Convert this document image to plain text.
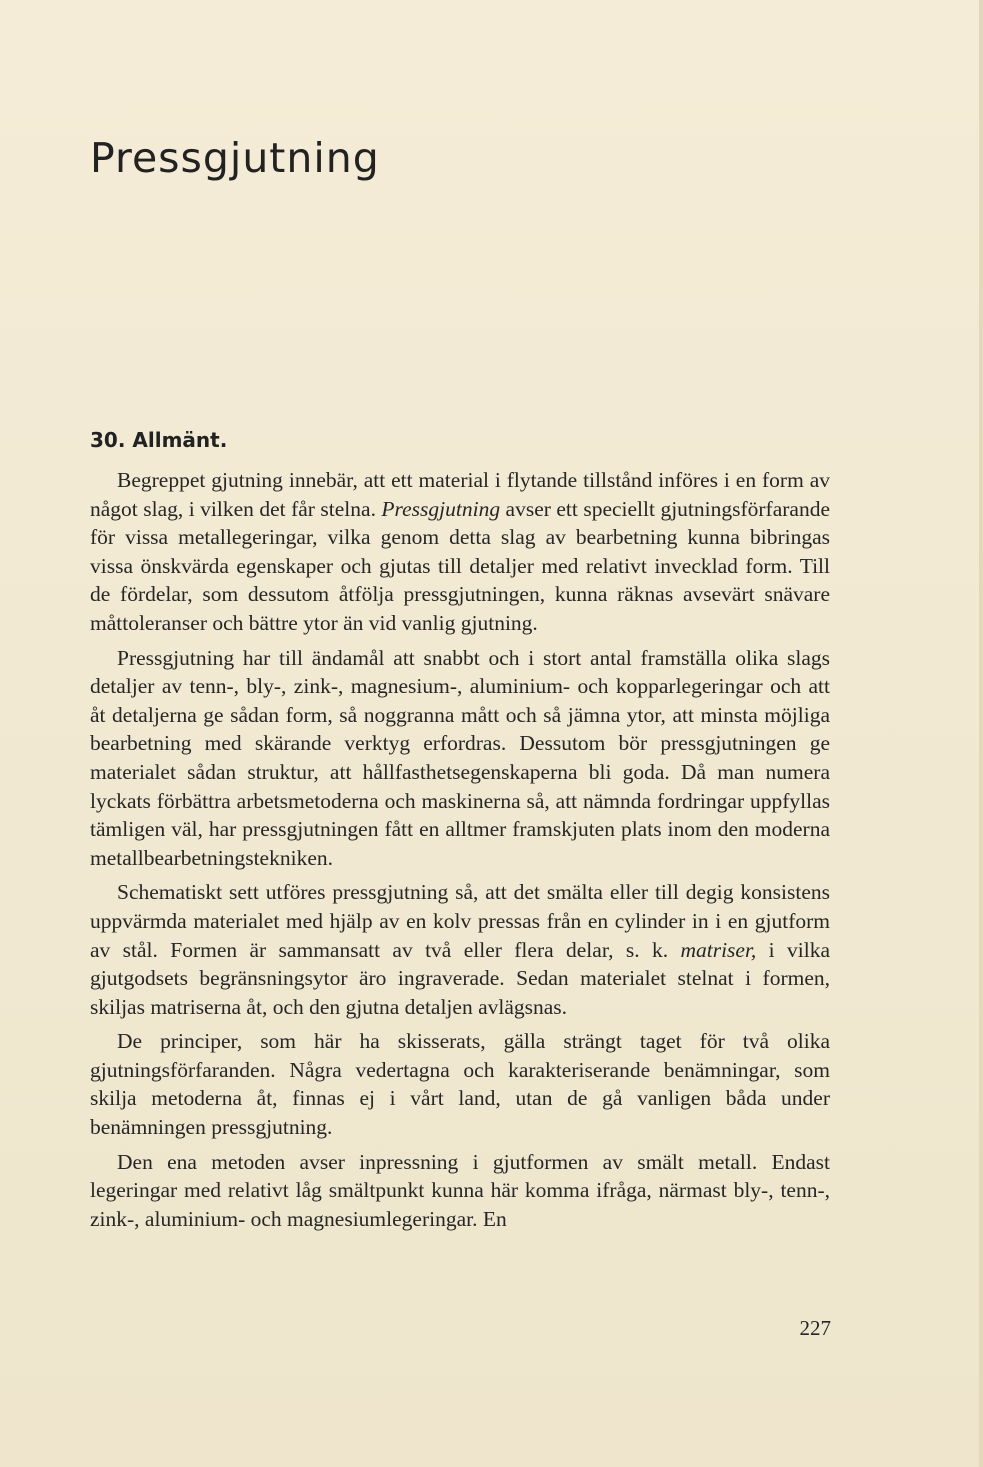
Pressgjutning
30. Allmänt.

Begreppet gjutning innebär, att ett material i flytande tillstånd införes i en form av något slag, i vilken det får stelna. Pressgjutning avser ett speciellt gjutningsförfarande för vissa metallegeringar, vilka genom detta slag av bearbetning kunna bibringas vissa önskvärda egenskaper och gjutas till detaljer med relativt invecklad form. Till de fördelar, som dessutom åtfölja pressgjutningen, kunna räknas avsevärt snävare måttoleranser och bättre ytor än vid vanlig gjutning.

Pressgjutning har till ändamål att snabbt och i stort antal framställa olika slags detaljer av tenn-, bly-, zink-, magnesium-, aluminium- och kopparlegeringar och att åt detaljerna ge sådan form, så noggranna mått och så jämna ytor, att minsta möjliga bearbetning med skärande verktyg erfordras. Dessutom bör pressgjutningen ge materialet sådan struktur, att hållfasthetsegenskaperna bli goda. Då man numera lyckats förbättra arbetsmetoderna och maskinerna så, att nämnda fordringar uppfyllas tämligen väl, har pressgjutningen fått en alltmer framskjuten plats inom den moderna metallbearbetningstekniken.

Schematiskt sett utföres pressgjutning så, att det smälta eller till degig konsistens uppvärmda materialet med hjälp av en kolv pressas från en cylinder in i en gjutform av stål. Formen är sammansatt av två eller flera delar, s. k. matriser, i vilka gjutgodsets begränsningsytor äro ingraverade. Sedan materialet stelnat i formen, skiljas matriserna åt, och den gjutna detaljen avlägsnas.

De principer, som här ha skisserats, gälla strängt taget för två olika gjutningsförfaranden. Några vedertagna och karakteriserande benämningar, som skilja metoderna åt, finnas ej i vårt land, utan de gå vanligen båda under benämningen pressgjutning.

Den ena metoden avser inpressning i gjutformen av smält metall. Endast legeringar med relativt låg smältpunkt kunna här komma ifråga, närmast bly-, tenn-, zink-, aluminium- och magnesiumlegeringar. En

227
